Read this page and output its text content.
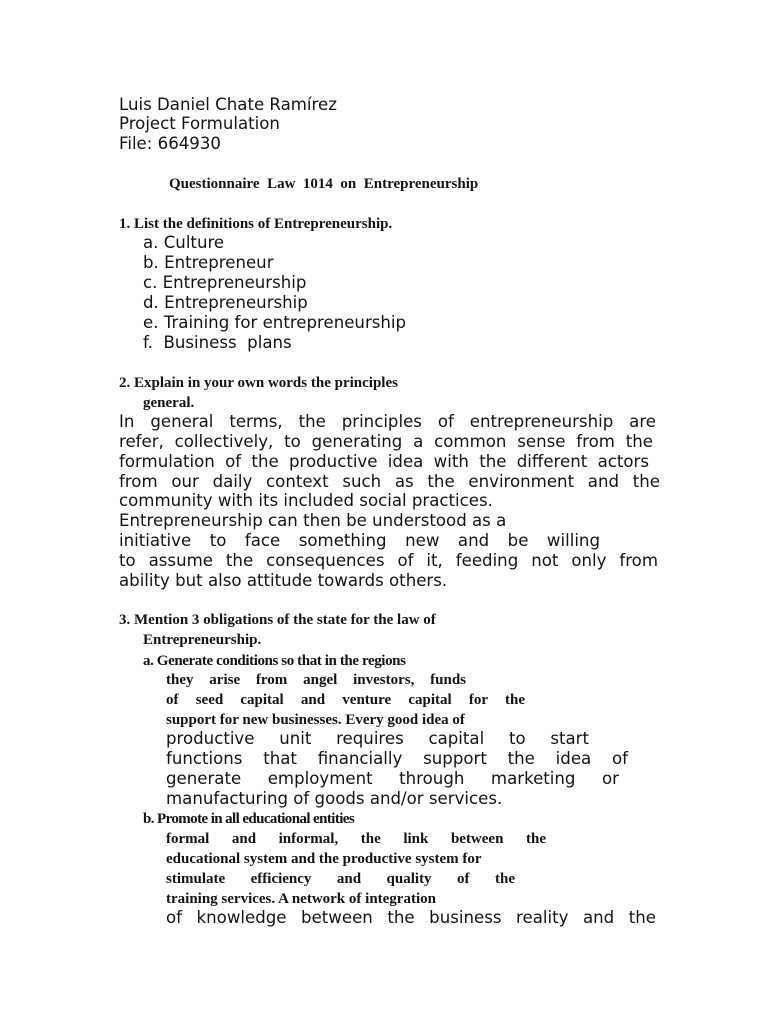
Luis Daniel Chate Ramírez
Project Formulation
File: 664930
Questionnaire  Law  1014  on  Entrepreneurship
1. List the definitions of Entrepreneurship.
a. Culture
b. Entrepreneur
c. Entrepreneurship
d. Entrepreneurship
e. Training for entrepreneurship
f.  Business  plans
2. Explain in your own words the principles
general.
In general terms, the principles of entrepreneurship are
refer, collectively, to generating a common sense from the
formulation of the productive idea with the different actors
from our daily context such as the environment and the
community with its included social practices.
Entrepreneurship can then be understood as a
initiative to face something new and be willing
to assume the consequences of it, feeding not only from
ability but also attitude towards others.
3. Mention 3 obligations of the state for the law of
Entrepreneurship.
a. Generate conditions so that in the regions
they arise from angel investors, funds
of seed capital and venture capital for the
support for new businesses. Every good idea of
productive unit requires capital to start
functions that financially support the idea of
generate employment through marketing or
manufacturing of goods and/or services.
b. Promote in all educational entities
formal and informal, the link between the
educational system and the productive system for
stimulate efficiency and quality of the
training services. A network of integration
of knowledge between the business reality and the
